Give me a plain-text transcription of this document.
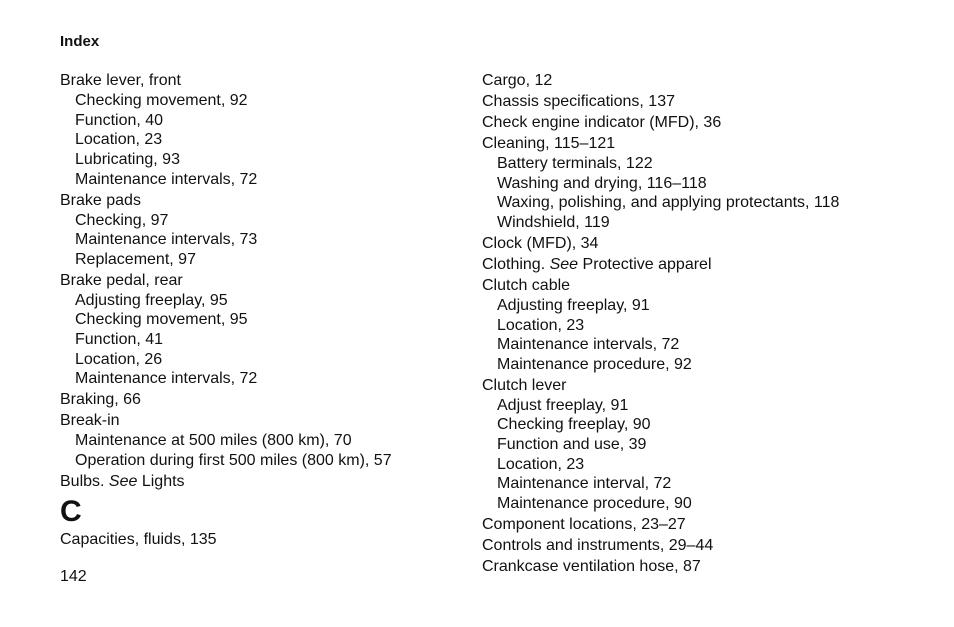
Index
Brake lever, front
Checking movement, 92
Function, 40
Location, 23
Lubricating, 93
Maintenance intervals, 72
Brake pads
Checking, 97
Maintenance intervals, 73
Replacement, 97
Brake pedal, rear
Adjusting freeplay, 95
Checking movement, 95
Function, 41
Location, 26
Maintenance intervals, 72
Braking, 66
Break-in
Maintenance at 500 miles (800 km), 70
Operation during first 500 miles (800 km), 57
Bulbs. See Lights
C
Capacities, fluids, 135
Cargo, 12
Chassis specifications, 137
Check engine indicator (MFD), 36
Cleaning, 115–121
Battery terminals, 122
Washing and drying, 116–118
Waxing, polishing, and applying protectants, 118
Windshield, 119
Clock (MFD), 34
Clothing. See Protective apparel
Clutch cable
Adjusting freeplay, 91
Location, 23
Maintenance intervals, 72
Maintenance procedure, 92
Clutch lever
Adjust freeplay, 91
Checking freeplay, 90
Function and use, 39
Location, 23
Maintenance interval, 72
Maintenance procedure, 90
Component locations, 23–27
Controls and instruments, 29–44
Crankcase ventilation hose, 87
142
